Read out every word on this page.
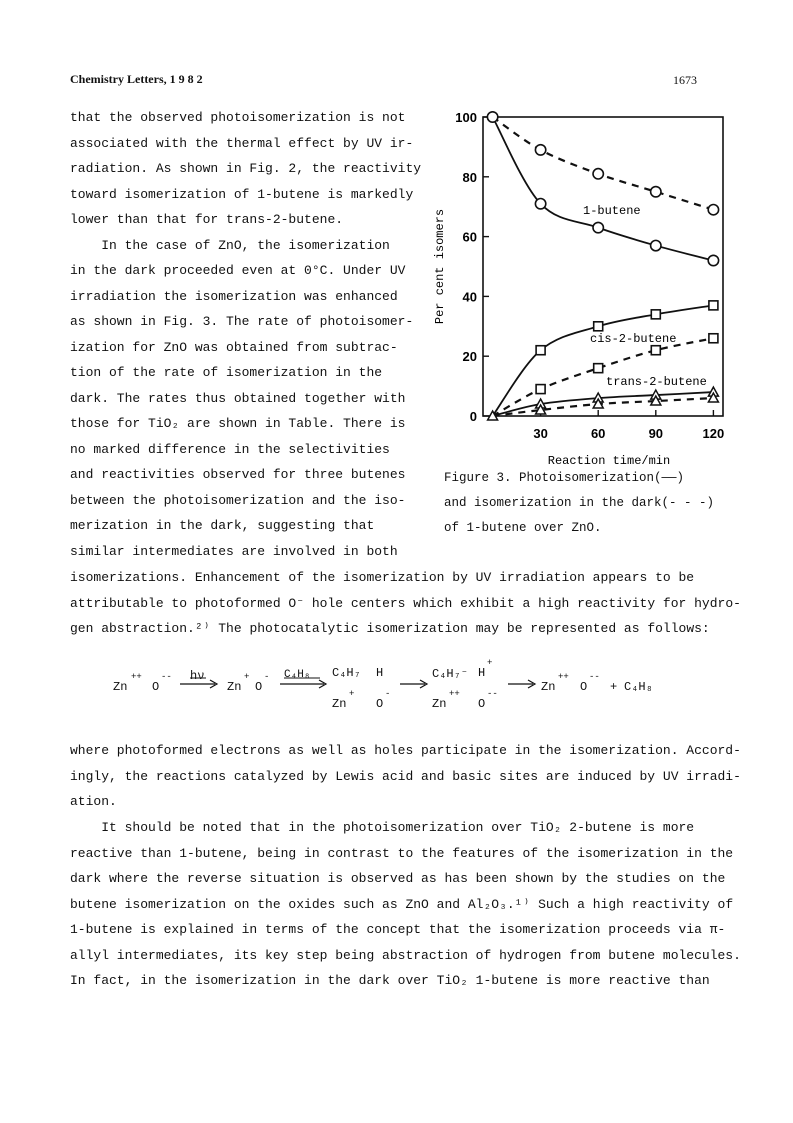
Chemistry Letters, 1 9 8 2	1673
that the observed photoisomerization is not
associated with the thermal effect by UV ir-
radiation. As shown in Fig. 2, the reactivity
toward isomerization of 1-butene is markedly
lower than that for trans-2-butene.
In the case of ZnO, the isomerization
in the dark proceeded even at 0°C. Under UV
irradiation the isomerization was enhanced
as shown in Fig. 3. The rate of photoisomer-
ization for ZnO was obtained from subtrac-
tion of the rate of isomerization in the
dark. The rates thus obtained together with
those for TiO₂ are shown in Table. There is
no marked difference in the selectivities
and reactivities observed for three butenes
between the photoisomerization and the iso-
merization in the dark, suggesting that
similar intermediates are involved in both
0
20
40
60
80
100
30	60	90	120
Reaction time/min
Per cent isomers	1-butene
cis-2-butene
trans-2-butene
Figure 3. Photoisomerization(——)
and isomerization in the dark(- - -)
of 1-butene over ZnO.
isomerizations. Enhancement of the isomerization by UV irradiation appears to be
attributable to photoformed O⁻ hole centers which exhibit a high reactivity for hydro-
gen abstraction.²⁾ The photocatalytic isomerization may be represented as follows:
Zn
++
O
-- hν
Zn
+
O
- C₄H₈ C₄H₇ H
Zn
+
O
-
C₄H₇⁻ H
+
Zn
++
O
--	Zn
++
O
--
+ C₄H₈
where photoformed electrons as well as holes participate in the isomerization. Accord-
ingly, the reactions catalyzed by Lewis acid and basic sites are induced by UV irradi-
ation.
It should be noted that in the photoisomerization over TiO₂ 2-butene is more
reactive than 1-butene, being in contrast to the features of the isomerization in the
dark where the reverse situation is observed as has been shown by the studies on the
butene isomerization on the oxides such as ZnO and Al₂O₃.¹⁾ Such a high reactivity of
1-butene is explained in terms of the concept that the isomerization proceeds via π-
allyl intermediates, its key step being abstraction of hydrogen from butene molecules.
In fact, in the isomerization in the dark over TiO₂ 1-butene is more reactive than
